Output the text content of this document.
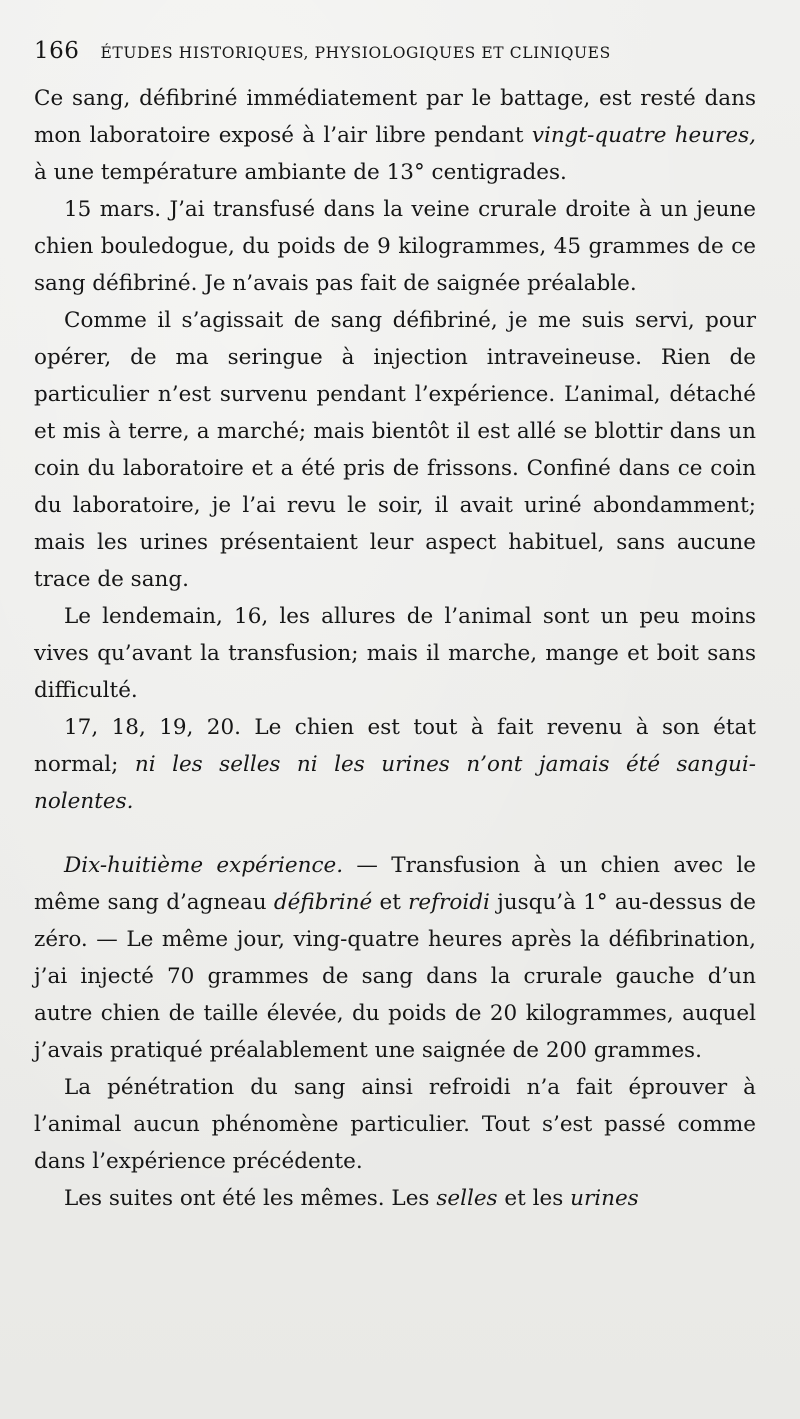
166 ÉTUDES HISTORIQUES, PHYSIOLOGIQUES ET CLINIQUES

Ce sang, défibriné immédiatement par le battage, est resté dans mon laboratoire exposé à l’air libre pendant vingt-quatre heures, à une température ambiante de 13° centigrades.

15 mars. J’ai transfusé dans la veine crurale droite à un jeune chien bouledogue, du poids de 9 kilogrammes, 45 grammes de ce sang défibriné. Je n’avais pas fait de saignée préalable.

Comme il s’agissait de sang défibriné, je me suis servi, pour opérer, de ma seringue à injection intraveineuse. Rien de particulier n’est survenu pendant l’expérience. L’animal, détaché et mis à terre, a marché; mais bientôt il est allé se blottir dans un coin du laboratoire et a été pris de frissons. Confiné dans ce coin du laboratoire, je l’ai revu le soir, il avait uriné abondamment; mais les urines présentaient leur aspect habituel, sans aucune trace de sang.

Le lendemain, 16, les allures de l’animal sont un peu moins vives qu’avant la transfusion; mais il marche, mange et boit sans difficulté.

17, 18, 19, 20. Le chien est tout à fait revenu à son état normal; ni les selles ni les urines n’ont jamais été sangui-nolentes.

Dix-huitième expérience. — Transfusion à un chien avec le même sang d’agneau défibriné et refroidi jusqu’à 1° au-dessus de zéro. — Le même jour, ving-quatre heures après la défibrination, j’ai injecté 70 grammes de sang dans la crurale gauche d’un autre chien de taille élevée, du poids de 20 kilogrammes, auquel j’avais pratiqué préalablement une saignée de 200 grammes.

La pénétration du sang ainsi refroidi n’a fait éprouver à l’animal aucun phénomène particulier. Tout s’est passé comme dans l’expérience précédente.

Les suites ont été les mêmes. Les selles et les urines
